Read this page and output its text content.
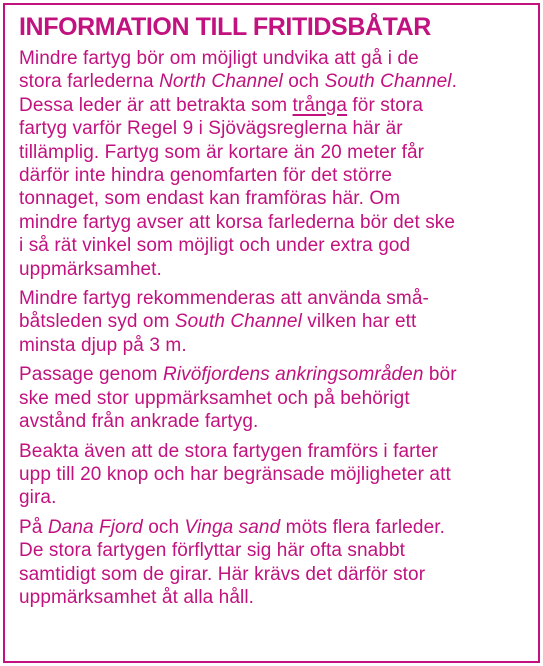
INFORMATION TILL FRITIDSBÅTAR

Mindre fartyg bör om möjligt undvika att gå i de
stora farlederna North Channel och South Channel.
Dessa leder är att betrakta som trånga för stora
fartyg varför Regel 9 i Sjövägsreglerna här är
tillämplig. Fartyg som är kortare än 20 meter får
därför inte hindra genomfarten för det större
tonnaget, som endast kan framföras här. Om
mindre fartyg avser att korsa farlederna bör det ske
i så rät vinkel som möjligt och under extra god
uppmärksamhet.

Mindre fartyg rekommenderas att använda små-
båtsleden syd om South Channel vilken har ett
minsta djup på 3 m.

Passage genom Rivöfjordens ankringsområden bör
ske med stor uppmärksamhet och på behörigt
avstånd från ankrade fartyg.

Beakta även att de stora fartygen framförs i farter
upp till 20 knop och har begränsade möjligheter att
gira.

På Dana Fjord och Vinga sand möts flera farleder.
De stora fartygen förflyttar sig här ofta snabbt
samtidigt som de girar. Här krävs det därför stor
uppmärksamhet åt alla håll.
